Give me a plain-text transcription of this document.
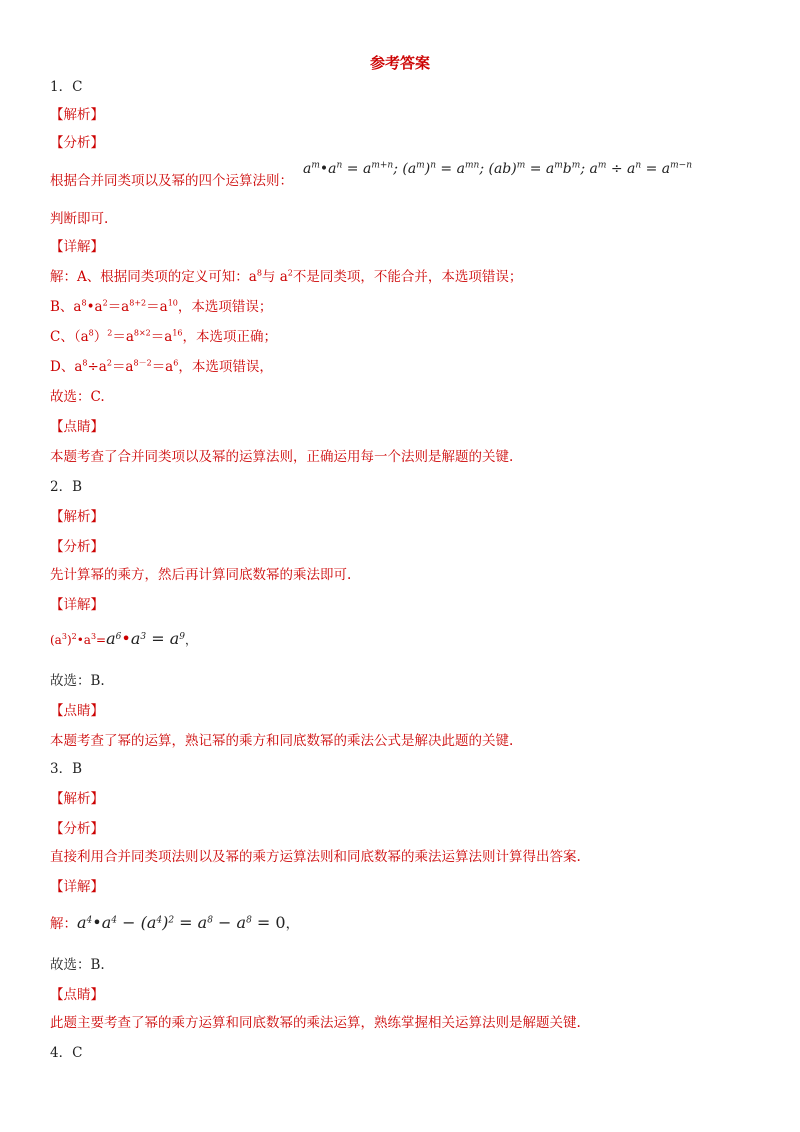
参考答案
1．C
【解析】
【分析】
根据合并同类项以及幂的四个运算法则：
$a^m•a^n = a^{m+n}$; $(a^m)^n = a^{mn}$; $(ab)^m = a^mb^m$; $a^m \div a^n = a^{m-n}$
判断即可.
【详解】
解：A、根据同类项的定义可知：$a^8$与 $a^2$不是同类项，不能合并，本选项错误；
B、$a^8•a^2=a^{8+2}=a^{10}$，本选项错误；
C、$(a^8)^2=a^{8\times 2}=a^{16}$，本选项正确；
D、$a^8\div a^2=a^{8-2}=a^6$，本选项错误，
故选：C.
【点睛】
本题考查了合并同类项以及幂的运算法则，正确运用每一个法则是解题的关键.
2．B
【解析】
【分析】
先计算幂的乘方，然后再计算同底数幂的乘法即可.
【详解】
$(a^3)^2•a^3=a^6•a^3 = a^9$，
故选：B.
【点睛】
本题考查了幂的运算，熟记幂的乘方和同底数幂的乘法公式是解决此题的关键.
3．B
【解析】
【分析】
直接利用合并同类项法则以及幂的乘方运算法则和同底数幂的乘法运算法则计算得出答案.
【详解】
解：$a^4•a^4 - (a^4)^2 = a^8 - a^8 = 0$，
故选：B.
【点睛】
此题主要考查了幂的乘方运算和同底数幂的乘法运算，熟练掌握相关运算法则是解题关键.
4．C
